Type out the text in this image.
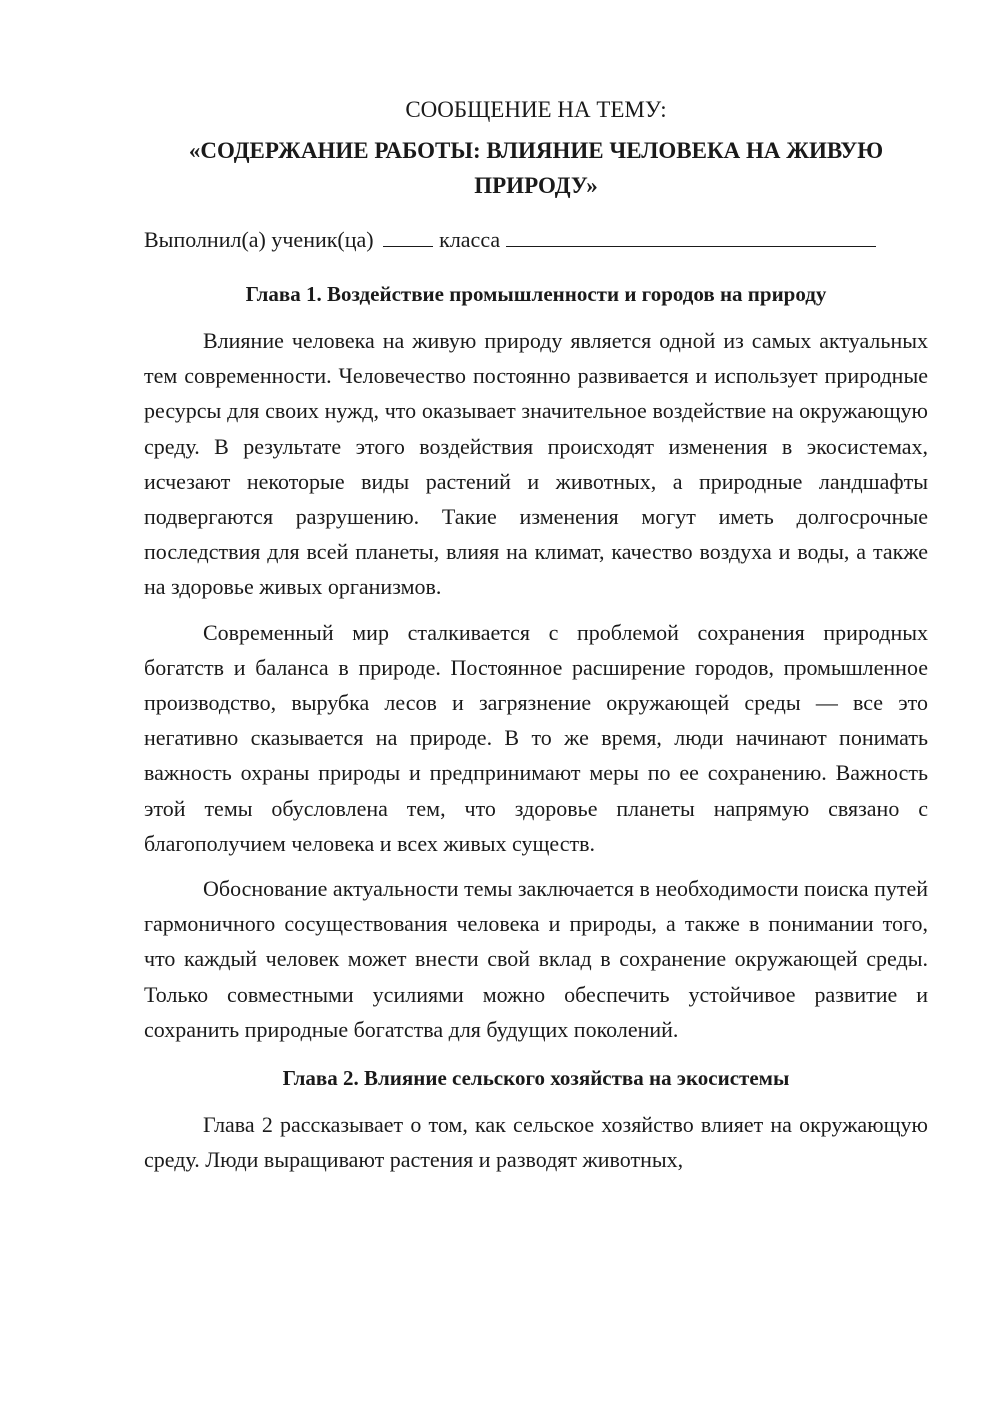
СООБЩЕНИЕ НА ТЕМУ:

«СОДЕРЖАНИЕ РАБОТЫ: ВЛИЯНИЕ ЧЕЛОВЕКА НА ЖИВУЮ ПРИРОДУ»

Выполнил(а) ученик(ца)	класса

Глава 1. Воздействие промышленности и городов на природу

Влияние человека на живую природу является одной из самых актуальных тем современности. Человечество постоянно развивается и использует природные ресурсы для своих нужд, что оказывает значительное воздействие на окружающую среду. В результате этого воздействия происходят изменения в экосистемах, исчезают некоторые виды растений и животных, а природные ландшафты подвергаются разрушению. Такие изменения могут иметь долгосрочные последствия для всей планеты, влияя на климат, качество воздуха и воды, а также на здоровье живых организмов.

Современный мир сталкивается с проблемой сохранения природных богатств и баланса в природе. Постоянное расширение городов, промышленное производство, вырубка лесов и загрязнение окружающей среды — все это негативно сказывается на природе. В то же время, люди начинают понимать важность охраны природы и предпринимают меры по ее сохранению. Важность этой темы обусловлена тем, что здоровье планеты напрямую связано с благополучием человека и всех живых существ.

Обоснование актуальности темы заключается в необходимости поиска путей гармоничного сосуществования человека и природы, а также в понимании того, что каждый человек может внести свой вклад в сохранение окружающей среды. Только совместными усилиями можно обеспечить устойчивое развитие и сохранить природные богатства для будущих поколений.

Глава 2. Влияние сельского хозяйства на экосистемы

Глава 2 рассказывает о том, как сельское хозяйство влияет на окружающую среду. Люди выращивают растения и разводят животных,
